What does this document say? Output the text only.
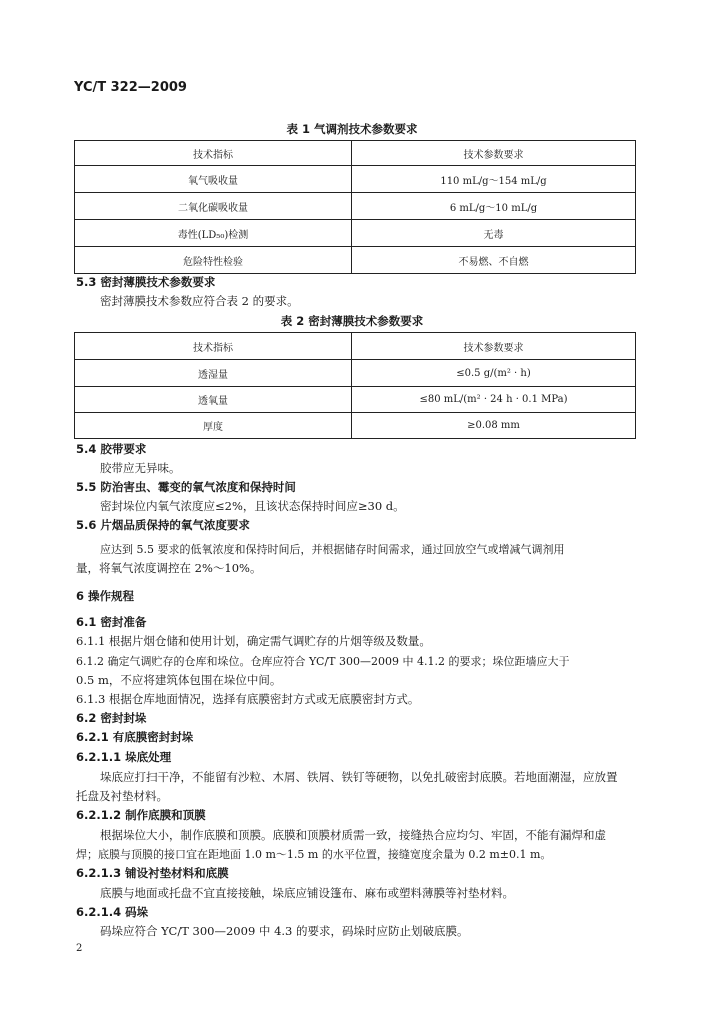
YC/T 322—2009
表 1 气调剂技术参数要求
技术指标	技术参数要求
氧气吸收量	110 mL/g～154 mL/g
二氧化碳吸收量	6 mL/g～10 mL/g
毒性(LD₅₀)检测	无毒
危险特性检验	不易燃、不自燃
5.3 密封薄膜技术参数要求
密封薄膜技术参数应符合表 2 的要求。
表 2 密封薄膜技术参数要求
技术指标	技术参数要求
透湿量	≤0.5 g/(m² · h)
透氧量	≤80 mL/(m² · 24 h · 0.1 MPa)
厚度	≥0.08 mm
5.4 胶带要求
胶带应无异味。
5.5 防治害虫、霉变的氧气浓度和保持时间
密封垛位内氧气浓度应≤2%，且该状态保持时间应≥30 d。
5.6 片烟品质保持的氧气浓度要求
应达到 5.5 要求的低氧浓度和保持时间后，并根据储存时间需求，通过回放空气或增减气调剂用
量，将氧气浓度调控在 2%～10%。
6 操作规程
6.1 密封准备
6.1.1 根据片烟仓储和使用计划，确定需气调贮存的片烟等级及数量。
6.1.2 确定气调贮存的仓库和垛位。仓库应符合 YC/T 300—2009 中 4.1.2 的要求；垛位距墙应大于
0.5 m，不应将建筑体包围在垛位中间。
6.1.3 根据仓库地面情况，选择有底膜密封方式或无底膜密封方式。
6.2 密封封垛
6.2.1 有底膜密封封垛
6.2.1.1 垛底处理
垛底应打扫干净，不能留有沙粒、木屑、铁屑、铁钉等硬物，以免扎破密封底膜。若地面潮湿，应放置
托盘及衬垫材料。
6.2.1.2 制作底膜和顶膜
根据垛位大小，制作底膜和顶膜。底膜和顶膜材质需一致，接缝热合应均匀、牢固，不能有漏焊和虚
焊；底膜与顶膜的接口宜在距地面 1.0 m～1.5 m 的水平位置，接缝宽度余量为 0.2 m±0.1 m。
6.2.1.3 铺设衬垫材料和底膜
底膜与地面或托盘不宜直接接触，垛底应铺设篷布、麻布或塑料薄膜等衬垫材料。
6.2.1.4 码垛
码垛应符合 YC/T 300—2009 中 4.3 的要求，码垛时应防止划破底膜。
2
